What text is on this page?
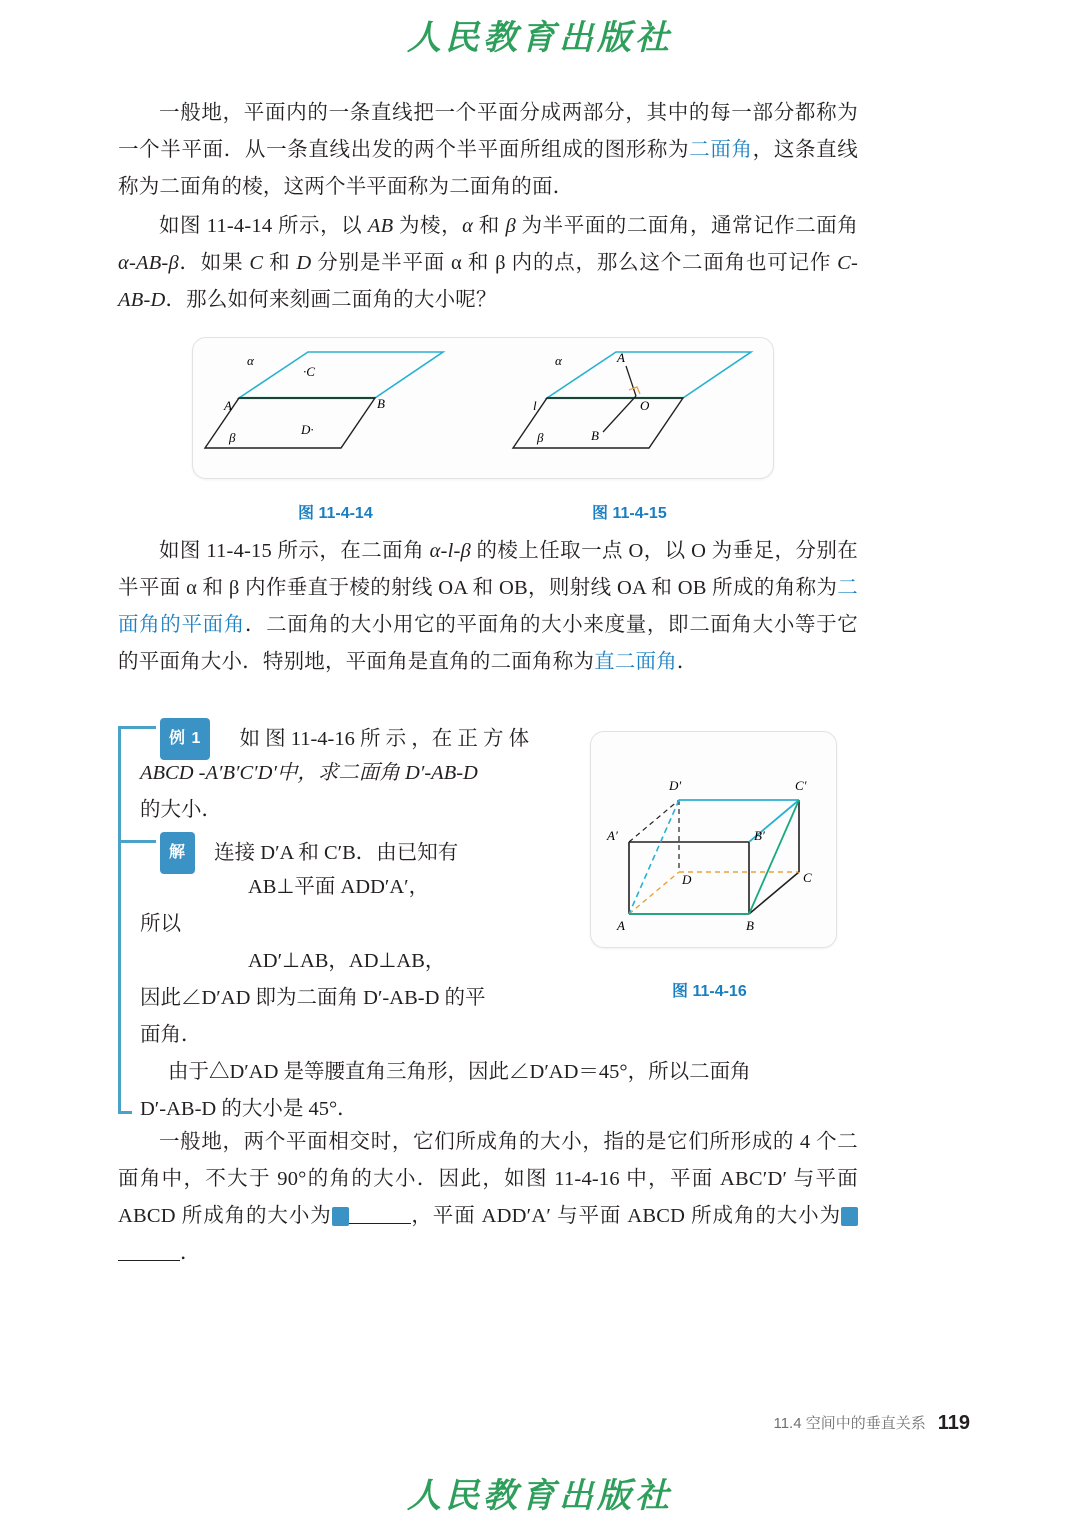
人民教育出版社

一般地，平面内的一条直线把一个平面分成两部分，其中的每一部分都称为一个半平面．从一条直线出发的两个半平面所组成的图形称为二面角，这条直线称为二面角的棱，这两个半平面称为二面角的面．

如图 11-4-14 所示，以 AB 为棱，α 和 β 为半平面的二面角，通常记作二面角 α-AB-β．如果 C 和 D 分别是半平面 α 和 β 内的点，那么这个二面角也可记作 C-AB-D．那么如何来刻画二面角的大小呢？

α
β
A	B
·C
D·
α
β
l
A
B
O
图 11-4-14	图 11-4-15

如图 11-4-15 所示，在二面角 α-l-β 的棱上任取一点 O，以 O 为垂足，分别在半平面 α 和 β 内作垂直于棱的射线 OA 和 OB，则射线 OA 和 OB 所成的角称为二面角的平面角．二面角的大小用它的平面角的大小来度量，即二面角大小等于它的平面角大小．特别地，平面角是直角的二面角称为直二面角．

例 1 如 图 11-4-16 所 示 ，在 正 方 体
ABCD -A′B′C′D′中，求二面角 D′-AB-D
的大小．
解 连接 D′A 和 C′B．由已知有
AB⊥平面 ADD′A′，
所以
AD′⊥AB，AD⊥AB，
因此∠D′AD 即为二面角 D′-AB-D 的平
面角．
由于△D′AD 是等腰直角三角形，因此∠D′AD＝45°，所以二面角
D′-AB-D 的大小是 45°．
D′	C′
A′	B′
D	C
A	B
图 11-4-16

一般地，两个平面相交时，它们所成角的大小，指的是它们所形成的 4 个二面角中，不大于 90°的角的大小．因此，如图 11-4-16 中，平面 ABC′D′ 与平面 ABCD 所成角的大小为	1 ，平面 ADD′A′ 与平面 ABCD 所成角的大小为	2．

11.4 空间中的垂直关系 119
人民教育出版社
